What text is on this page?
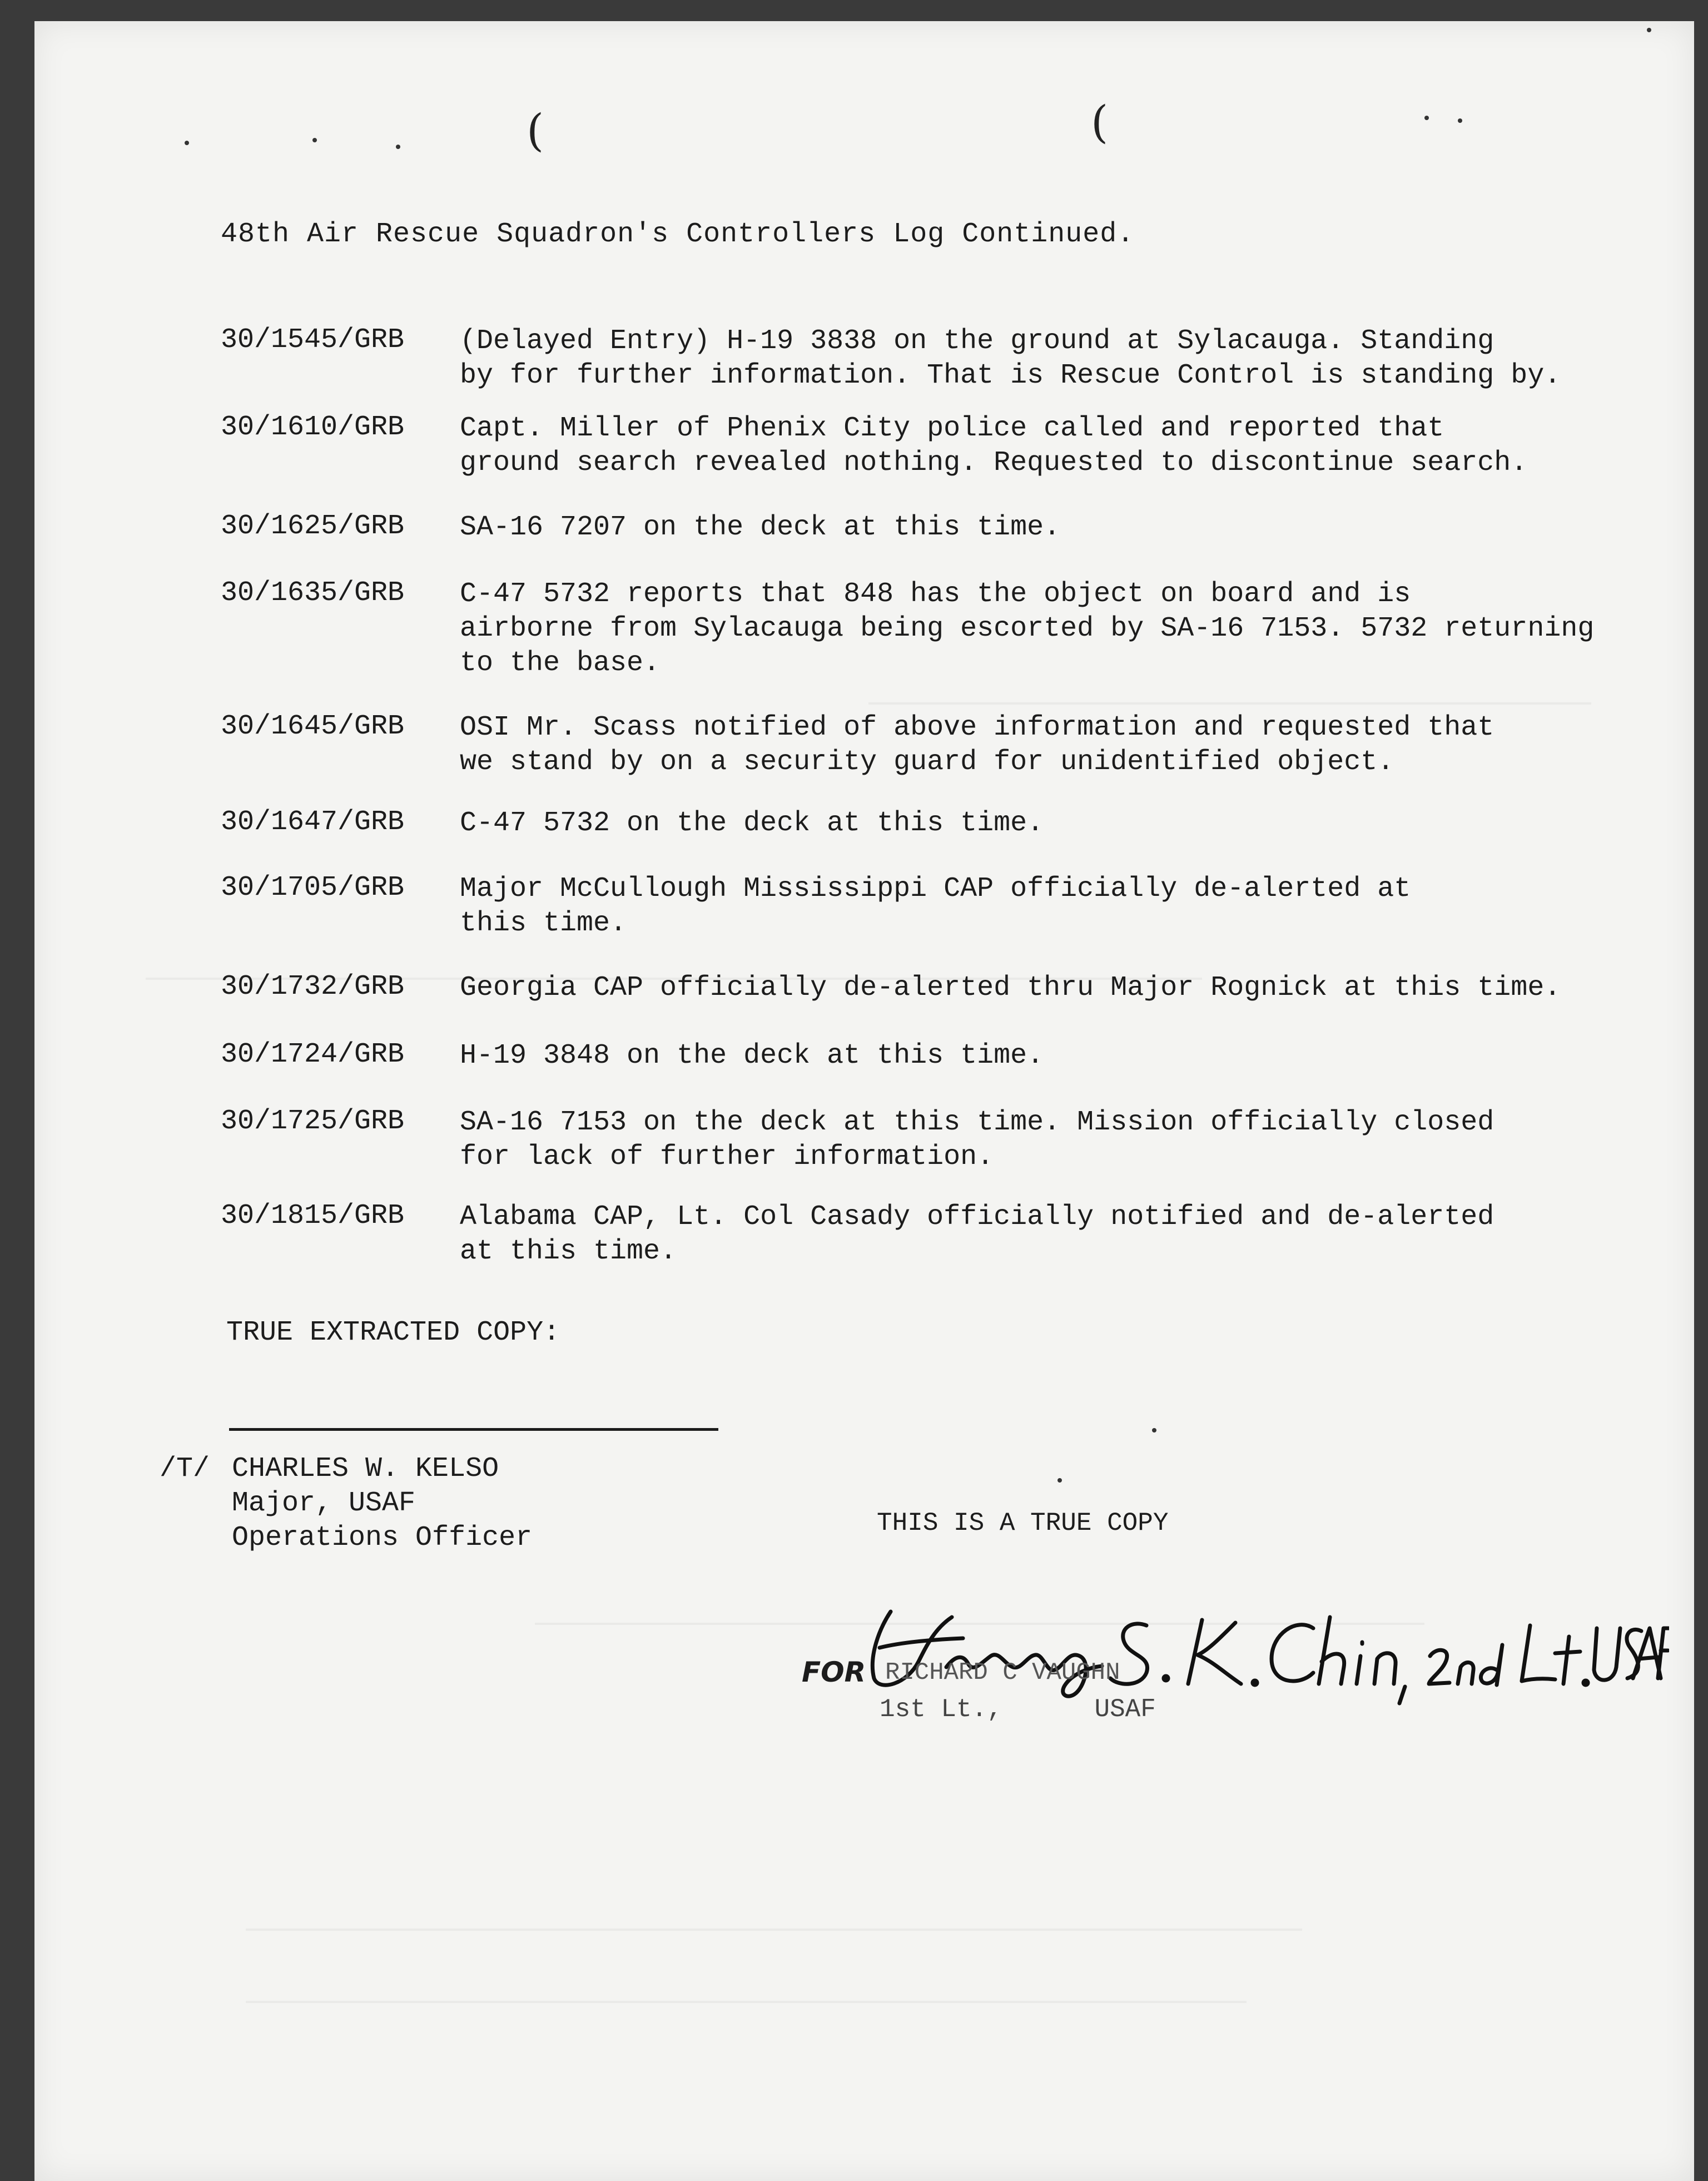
(	(
48th Air Rescue Squadron's Controllers Log Continued.
30/1545/GRB (Delayed Entry) H-19 3838 on the ground at Sylacauga. Standing
by for further information. That is Rescue Control is standing by.
30/1610/GRB Capt. Miller of Phenix City police called and reported that
ground search revealed nothing. Requested to discontinue search.
30/1625/GRB SA-16 7207 on the deck at this time.
30/1635/GRB C-47 5732 reports that 848 has the object on board and is
airborne from Sylacauga being escorted by SA-16 7153. 5732 returning
to the base.
30/1645/GRB OSI Mr. Scass notified of above information and requested that
we stand by on a security guard for unidentified object.
30/1647/GRB C-47 5732 on the deck at this time.
30/1705/GRB Major McCullough Mississippi CAP officially de-alerted at
this time.
30/1732/GRB Georgia CAP officially de-alerted thru Major Rognick at this time.
30/1724/GRB H-19 3848 on the deck at this time.
30/1725/GRB SA-16 7153 on the deck at this time. Mission officially closed
for lack of further information.
30/1815/GRB Alabama CAP, Lt. Col Casady officially notified and de-alerted
at this time.
TRUE EXTRACTED COPY:
/T/ CHARLES W. KELSO
Major, USAF
Operations Officer	THIS IS A TRUE COPY
FOR RICHARD C VAUGHN
1st Lt.,      USAF
